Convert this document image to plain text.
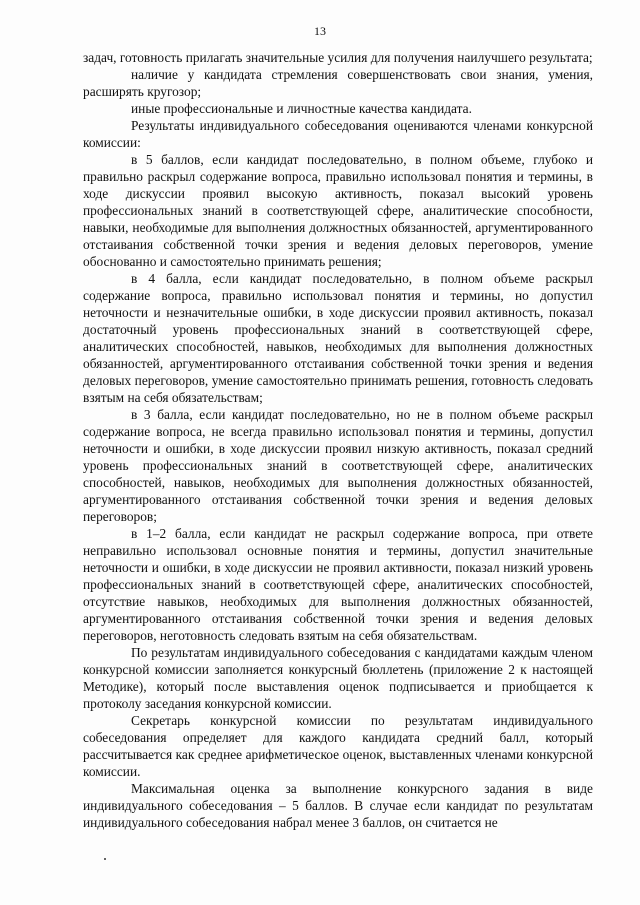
13

задач, готовность прилагать значительные усилия для получения наилучшего результата;

наличие у кандидата стремления совершенствовать свои знания, умения, расширять кругозор;

иные профессиональные и личностные качества кандидата.

Результаты индивидуального собеседования оцениваются членами конкурсной комиссии:

в 5 баллов, если кандидат последовательно, в полном объеме, глубоко и правильно раскрыл содержание вопроса, правильно использовал понятия и термины, в ходе дискуссии проявил высокую активность, показал высокий уровень профессиональных знаний в соответствующей сфере, аналитические способности, навыки, необходимые для выполнения должностных обязанностей, аргументированного отстаивания собственной точки зрения и ведения деловых переговоров, умение обоснованно и самостоятельно принимать решения;

в 4 балла, если кандидат последовательно, в полном объеме раскрыл содержание вопроса, правильно использовал понятия и термины, но допустил неточности и незначительные ошибки, в ходе дискуссии проявил активность, показал достаточный уровень профессиональных знаний в соответствующей сфере, аналитических способностей, навыков, необходимых для выполнения должностных обязанностей, аргументированного отстаивания собственной точки зрения и ведения деловых переговоров, умение самостоятельно принимать решения, готовность следовать взятым на себя обязательствам;

в 3 балла, если кандидат последовательно, но не в полном объеме раскрыл содержание вопроса, не всегда правильно использовал понятия и термины, допустил неточности и ошибки, в ходе дискуссии проявил низкую активность, показал средний уровень профессиональных знаний в соответствующей сфере, аналитических способностей, навыков, необходимых для выполнения должностных обязанностей, аргументированного отстаивания собственной точки зрения и ведения деловых переговоров;

в 1–2 балла, если кандидат не раскрыл содержание вопроса, при ответе неправильно использовал основные понятия и термины, допустил значительные неточности и ошибки, в ходе дискуссии не проявил активности, показал низкий уровень профессиональных знаний в соответствующей сфере, аналитических способностей, отсутствие навыков, необходимых для выполнения должностных обязанностей, аргументированного отстаивания собственной точки зрения и ведения деловых переговоров, неготовность следовать взятым на себя обязательствам.

По результатам индивидуального собеседования с кандидатами каждым членом конкурсной комиссии заполняется конкурсный бюллетень (приложение 2 к настоящей Методике), который после выставления оценок подписывается и приобщается к протоколу заседания конкурсной комиссии.

Секретарь конкурсной комиссии по результатам индивидуального собеседования определяет для каждого кандидата средний балл, который рассчитывается как среднее арифметическое оценок, выставленных членами конкурсной комиссии.

Максимальная оценка за выполнение конкурсного задания в виде индивидуального собеседования – 5 баллов. В случае если кандидат по результатам индивидуального собеседования набрал менее 3 баллов, он считается не
